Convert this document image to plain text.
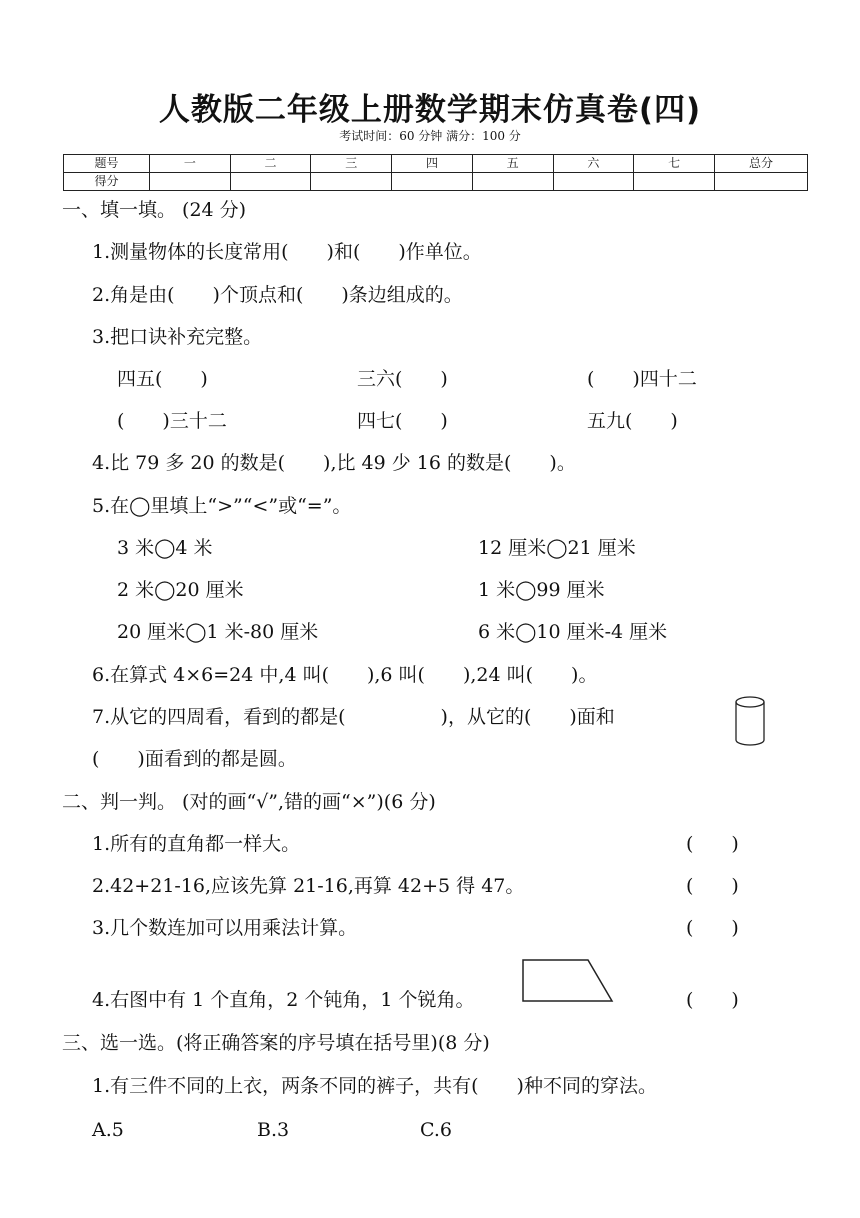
人教版二年级上册数学期末仿真卷(四)
考试时间：60 分钟 满分：100 分
题号	一	二	三	四	五	六	七	总分
得分								
一、填一填。 (24 分)
1.测量物体的长度常用(　　)和(　　)作单位。
2.角是由(　　)个顶点和(　　)条边组成的。
3.把口诀补充完整。
四五(　　)	三六(　　)	(　　)四十二
(　　)三十二	四七(　　)	五九(　　)
4.比 79 多 20 的数是(　　),比 49 少 16 的数是(　　)。
5.在◯里填上“>”“<”或“=”。
3 米◯4 米	12 厘米◯21 厘米
2 米◯20 厘米	1 米◯99 厘米
20 厘米◯1 米-80 厘米	6 米◯10 厘米-4 厘米
6.在算式 4×6=24 中,4 叫(　　),6 叫(　　),24 叫(　　)。
7.从它的四周看，看到的都是(　　　　　)，从它的(　　)面和
(　　)面看到的都是圆。
二、判一判。 (对的画“√”,错的画“×”)(6 分)
1.所有的直角都一样大。	(　　)
2.42+21-16,应该先算 21-16,再算 42+5 得 47。	(　　)
3.几个数连加可以用乘法计算。	(　　)
4.右图中有 1 个直角，2 个钝角，1 个锐角。	(　　)
三、选一选。(将正确答案的序号填在括号里)(8 分)
1.有三件不同的上衣，两条不同的裤子，共有(　　)种不同的穿法。
A.5	B.3	C.6
